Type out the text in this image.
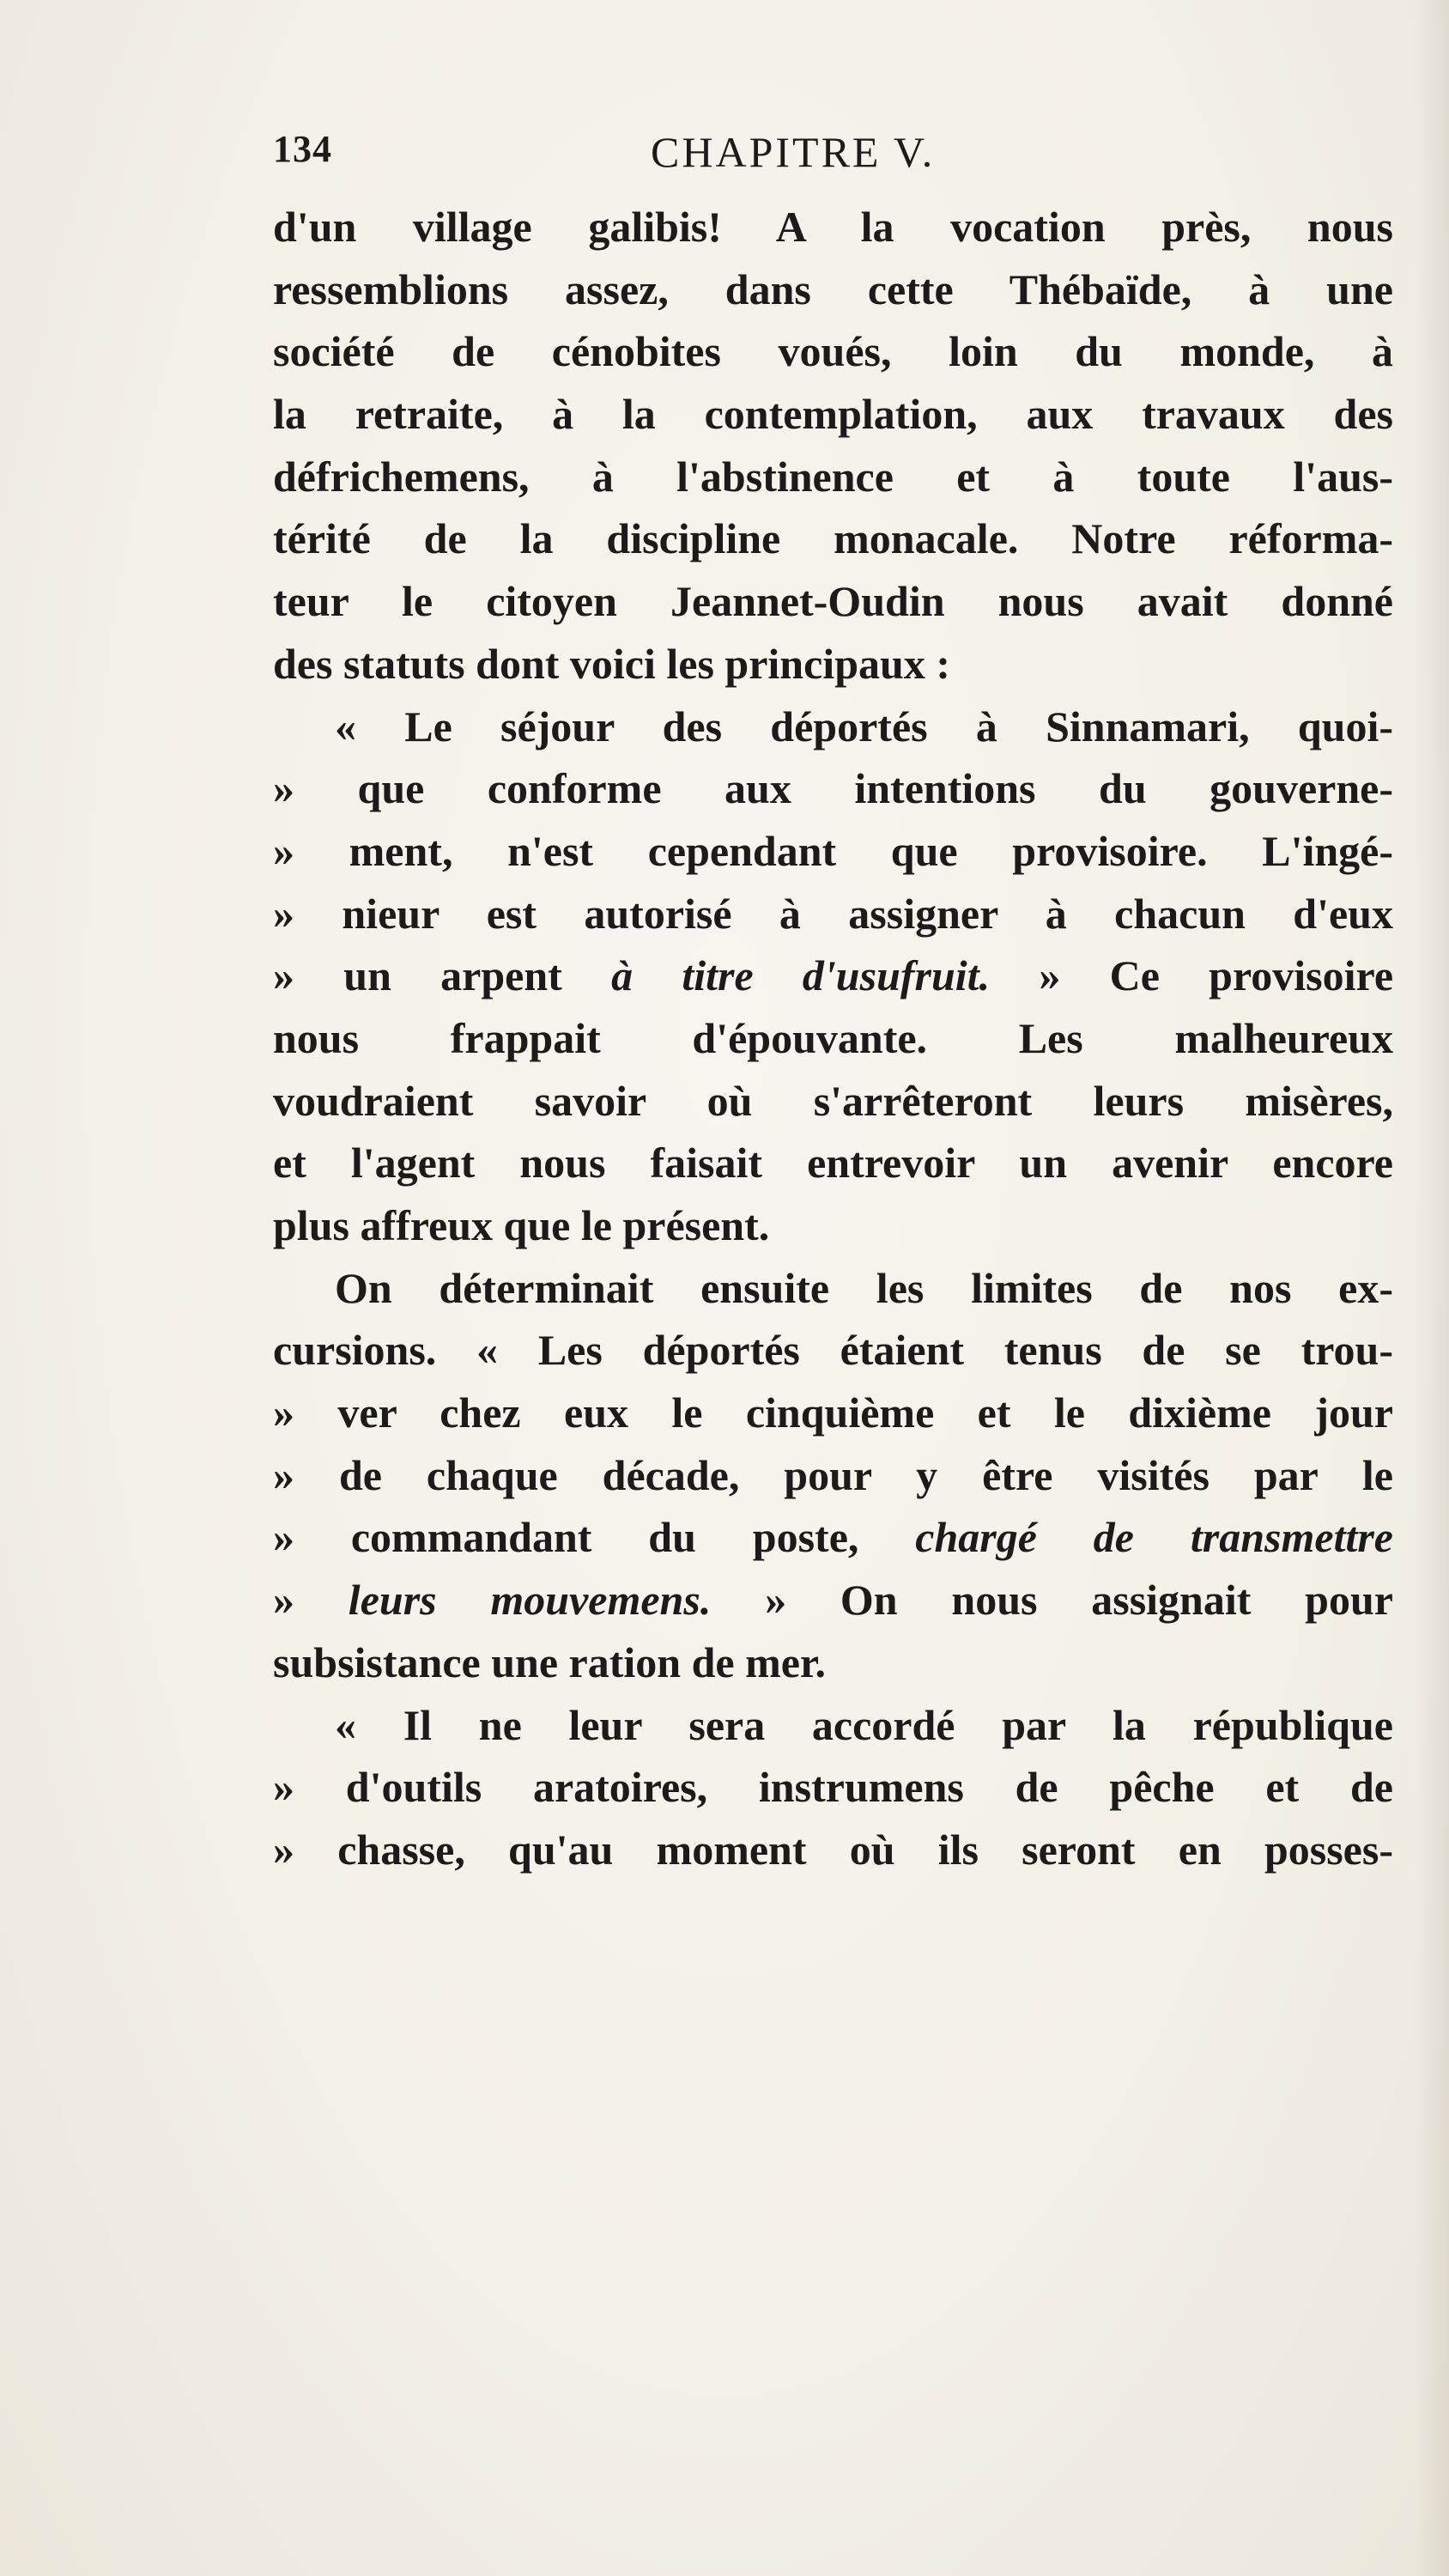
134	CHAPITRE V.
d'un village galibis! A la vocation près, nous
ressemblions assez, dans cette Thébaïde, à une
société de cénobites voués, loin du monde, à
la retraite, à la contemplation, aux travaux des
défrichemens, à l'abstinence et à toute l'aus-
térité de la discipline monacale. Notre réforma-
teur le citoyen Jeannet-Oudin nous avait donné
des statuts dont voici les principaux :
« Le séjour des déportés à Sinnamari, quoi-
» que conforme aux intentions du gouverne-
» ment, n'est cependant que provisoire. L'ingé-
» nieur est autorisé à assigner à chacun d'eux
» un arpent à titre d'usufruit. » Ce provisoire
nous frappait d'épouvante. Les malheureux
voudraient savoir où s'arrêteront leurs misères,
et l'agent nous faisait entrevoir un avenir encore
plus affreux que le présent.
On déterminait ensuite les limites de nos ex-
cursions. « Les déportés étaient tenus de se trou-
» ver chez eux le cinquième et le dixième jour
» de chaque décade, pour y être visités par le
» commandant du poste, chargé de transmettre
» leurs mouvemens. » On nous assignait pour
subsistance une ration de mer.
« Il ne leur sera accordé par la république
» d'outils aratoires, instrumens de pêche et de
» chasse, qu'au moment où ils seront en posses-
